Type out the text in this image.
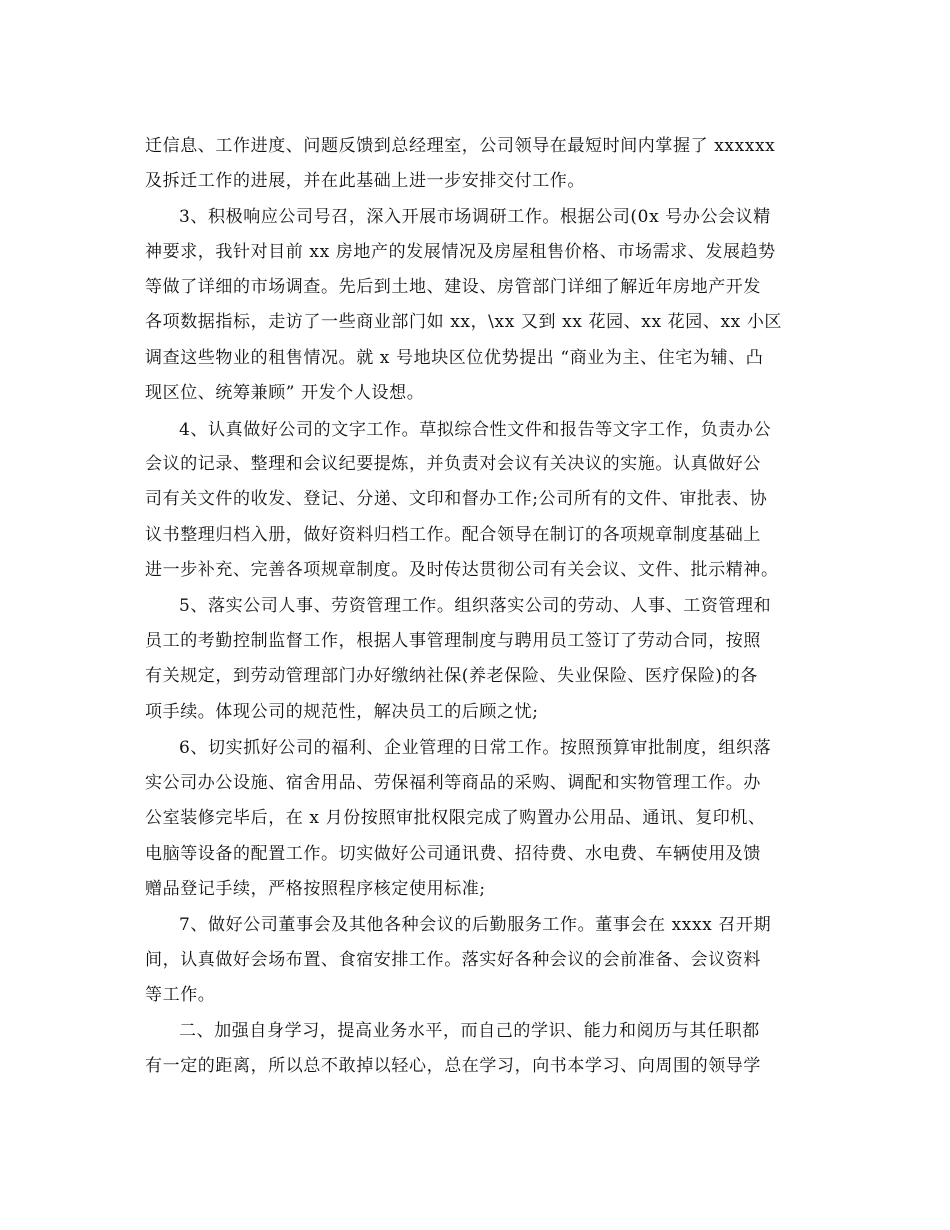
迁信息、工作进度、问题反馈到总经理室，公司领导在最短时间内掌握了 xxxxxx
及拆迁工作的进展，并在此基础上进一步安排交付工作。
3、积极响应公司号召，深入开展市场调研工作。根据公司(0x 号办公会议精
神要求，我针对目前 xx 房地产的发展情况及房屋租售价格、市场需求、发展趋势
等做了详细的市场调查。先后到土地、建设、房管部门详细了解近年房地产开发
各项数据指标，走访了一些商业部门如 xx，\xx 又到 xx 花园、xx 花园、xx 小区
调查这些物业的租售情况。就 x 号地块区位优势提出 “商业为主、住宅为辅、凸
现区位、统筹兼顾” 开发个人设想。
4、认真做好公司的文字工作。草拟综合性文件和报告等文字工作，负责办公
会议的记录、整理和会议纪要提炼，并负责对会议有关决议的实施。认真做好公
司有关文件的收发、登记、分递、文印和督办工作;公司所有的文件、审批表、协
议书整理归档入册，做好资料归档工作。配合领导在制订的各项规章制度基础上
进一步补充、完善各项规章制度。及时传达贯彻公司有关会议、文件、批示精神。
5、落实公司人事、劳资管理工作。组织落实公司的劳动、人事、工资管理和
员工的考勤控制监督工作，根据人事管理制度与聘用员工签订了劳动合同，按照
有关规定，到劳动管理部门办好缴纳社保(养老保险、失业保险、医疗保险)的各
项手续。体现公司的规范性，解决员工的后顾之忧;
6、切实抓好公司的福利、企业管理的日常工作。按照预算审批制度，组织落
实公司办公设施、宿舍用品、劳保福利等商品的采购、调配和实物管理工作。办
公室装修完毕后，在 x 月份按照审批权限完成了购置办公用品、通讯、复印机、
电脑等设备的配置工作。切实做好公司通讯费、招待费、水电费、车辆使用及馈
赠品登记手续，严格按照程序核定使用标准;
7、做好公司董事会及其他各种会议的后勤服务工作。董事会在 xxxx 召开期
间，认真做好会场布置、食宿安排工作。落实好各种会议的会前准备、会议资料
等工作。
二、加强自身学习，提高业务水平，而自己的学识、能力和阅历与其任职都
有一定的距离，所以总不敢掉以轻心，总在学习，向书本学习、向周围的领导学
